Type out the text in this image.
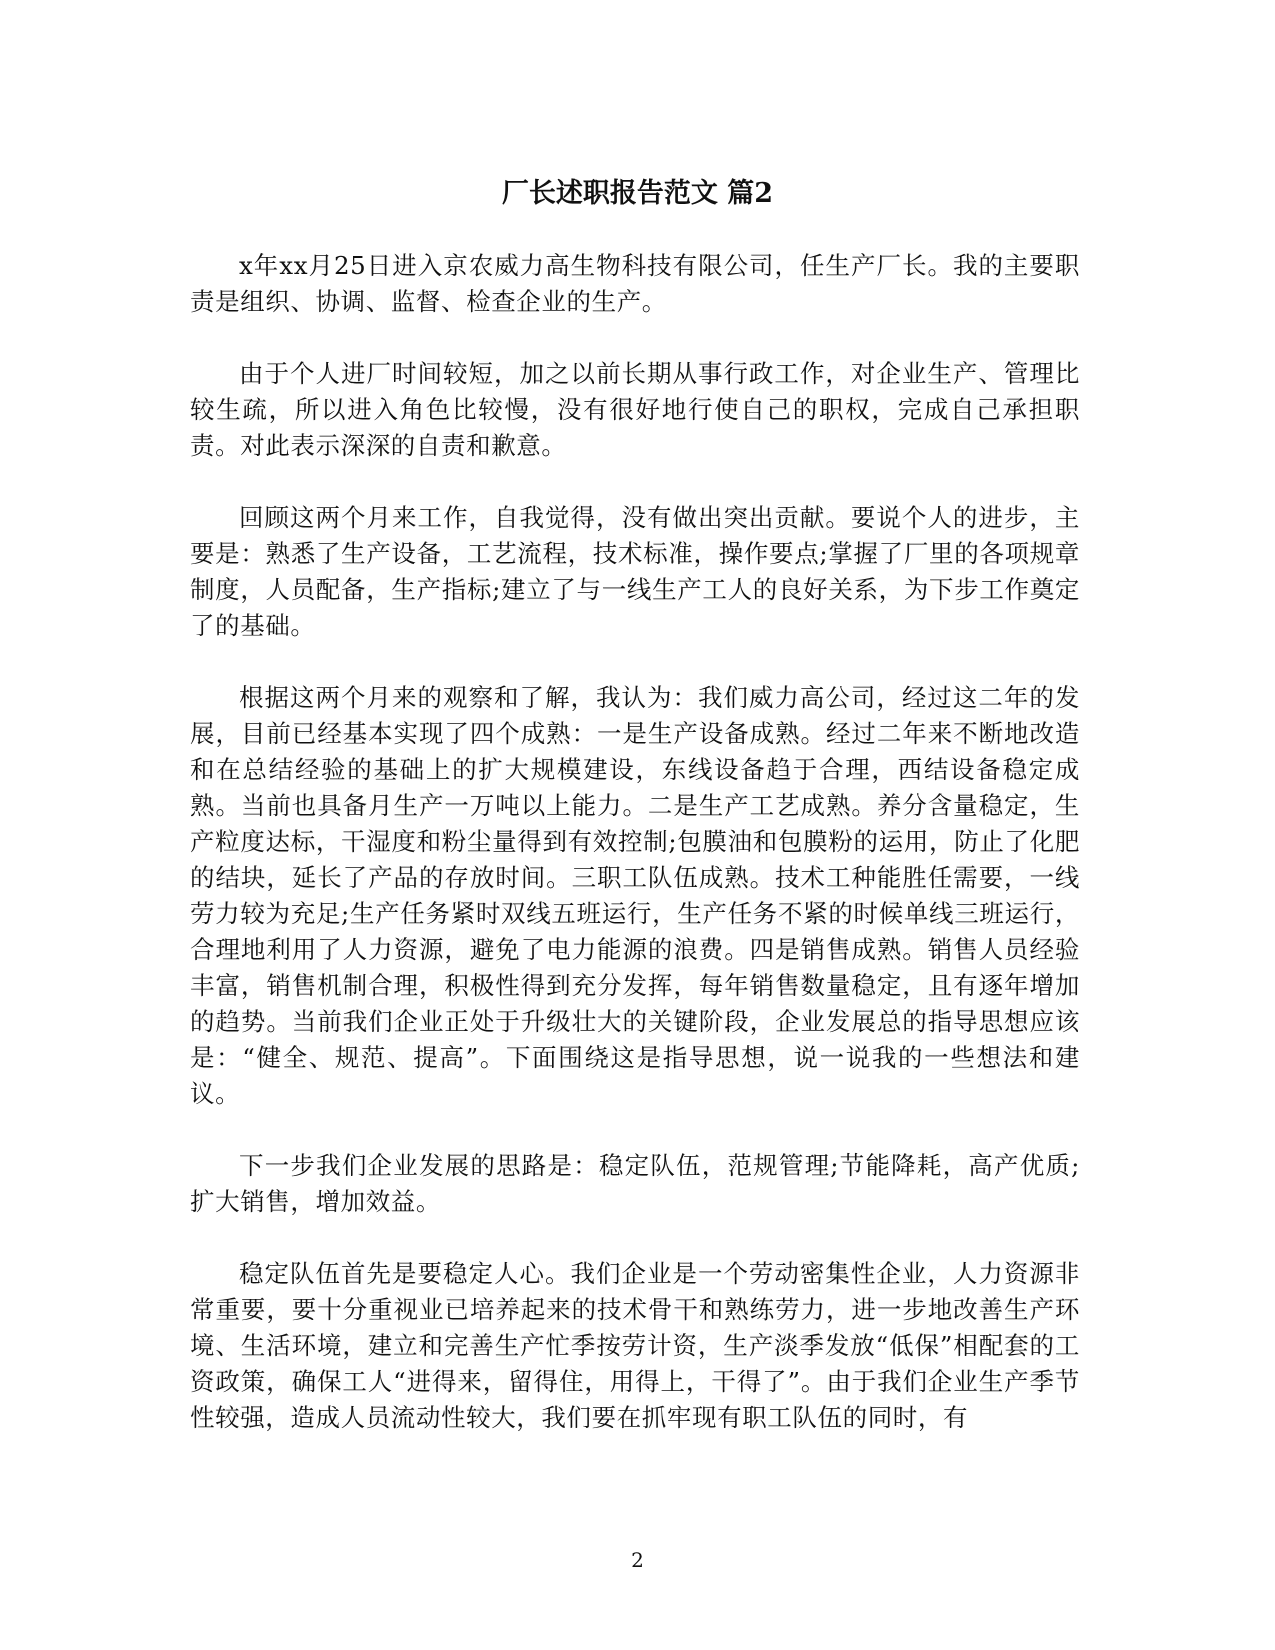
厂长述职报告范文 篇2

x年xx月25日进入京农威力高生物科技有限公司，任生产厂长。我的主要职责是组织、协调、监督、检查企业的生产。

由于个人进厂时间较短，加之以前长期从事行政工作，对企业生产、管理比较生疏，所以进入角色比较慢，没有很好地行使自己的职权，完成自己承担职责。对此表示深深的自责和歉意。

回顾这两个月来工作，自我觉得，没有做出突出贡献。要说个人的进步，主要是：熟悉了生产设备，工艺流程，技术标准，操作要点;掌握了厂里的各项规章制度，人员配备，生产指标;建立了与一线生产工人的良好关系，为下步工作奠定了的基础。

根据这两个月来的观察和了解，我认为：我们威力高公司，经过这二年的发展，目前已经基本实现了四个成熟：一是生产设备成熟。经过二年来不断地改造和在总结经验的基础上的扩大规模建设，东线设备趋于合理，西结设备稳定成熟。当前也具备月生产一万吨以上能力。二是生产工艺成熟。养分含量稳定，生产粒度达标，干湿度和粉尘量得到有效控制;包膜油和包膜粉的运用，防止了化肥的结块，延长了产品的存放时间。三职工队伍成熟。技术工种能胜任需要，一线劳力较为充足;生产任务紧时双线五班运行，生产任务不紧的时候单线三班运行，合理地利用了人力资源，避免了电力能源的浪费。四是销售成熟。销售人员经验丰富，销售机制合理，积极性得到充分发挥，每年销售数量稳定，且有逐年增加的趋势。当前我们企业正处于升级壮大的关键阶段，企业发展总的指导思想应该是：“健全、规范、提高”。下面围绕这是指导思想，说一说我的一些想法和建议。

下一步我们企业发展的思路是：稳定队伍，范规管理;节能降耗，高产优质;扩大销售，增加效益。

稳定队伍首先是要稳定人心。我们企业是一个劳动密集性企业，人力资源非常重要，要十分重视业已培养起来的技术骨干和熟练劳力，进一步地改善生产环境、生活环境，建立和完善生产忙季按劳计资，生产淡季发放“低保”相配套的工资政策，确保工人“进得来，留得住，用得上，干得了”。由于我们企业生产季节性较强，造成人员流动性较大，我们要在抓牢现有职工队伍的同时，有

2
